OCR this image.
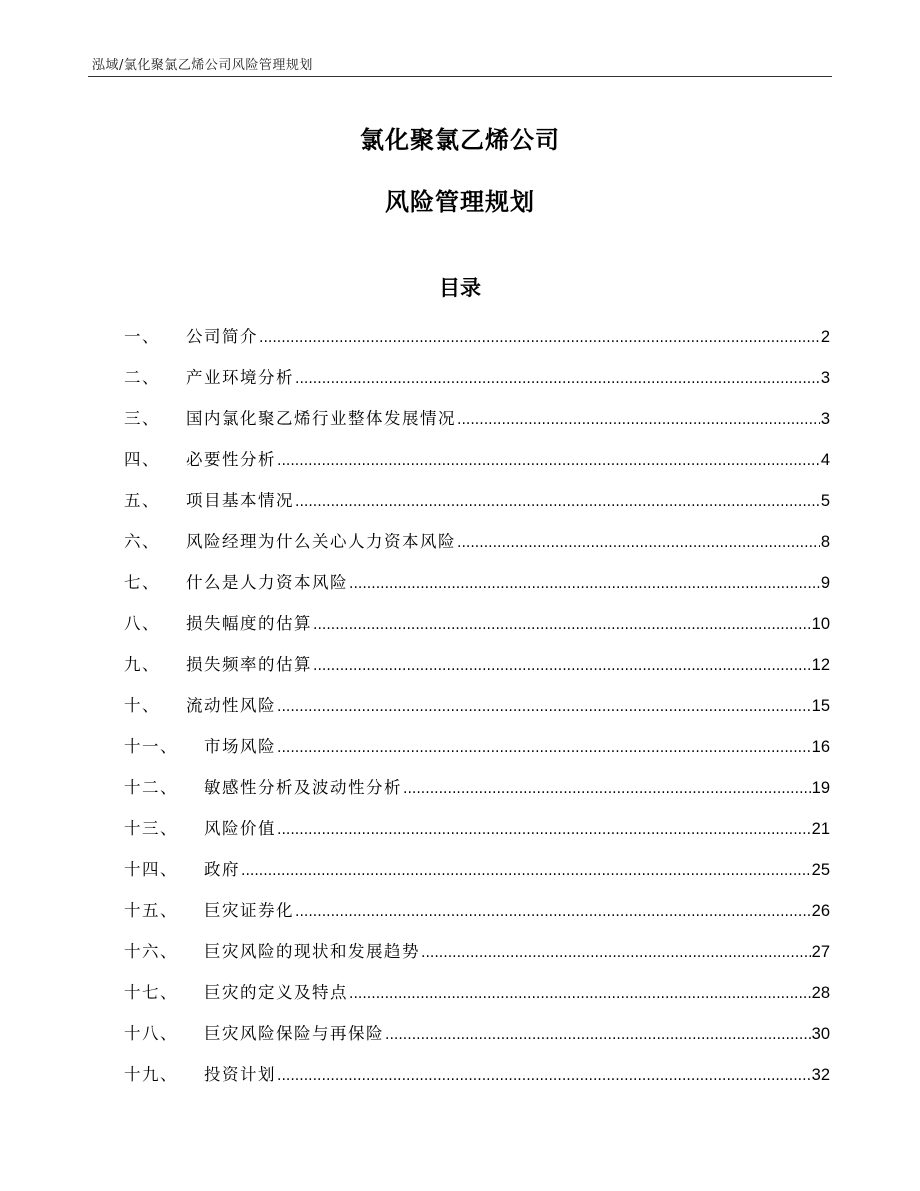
泓域/氯化聚氯乙烯公司风险管理规划
氯化聚氯乙烯公司
风险管理规划
目录
一、 公司简介 .....	2
二、 产业环境分析 .....	3
三、 国内氯化聚乙烯行业整体发展情况 .....	3
四、 必要性分析 .....	4
五、 项目基本情况 .....	5
六、 风险经理为什么关心人力资本风险 .....	8
七、 什么是人力资本风险 .....	9
八、 损失幅度的估算 .....	10
九、 损失频率的估算 .....	12
十、 流动性风险 .....	15
十一、 市场风险 .....	16
十二、 敏感性分析及波动性分析 .....	19
十三、 风险价值 .....	21
十四、 政府 .....	25
十五、 巨灾证券化 .....	26
十六、 巨灾风险的现状和发展趋势 .....	27
十七、 巨灾的定义及特点 .....	28
十八、 巨灾风险保险与再保险 .....	30
十九、 投资计划 .....	32
